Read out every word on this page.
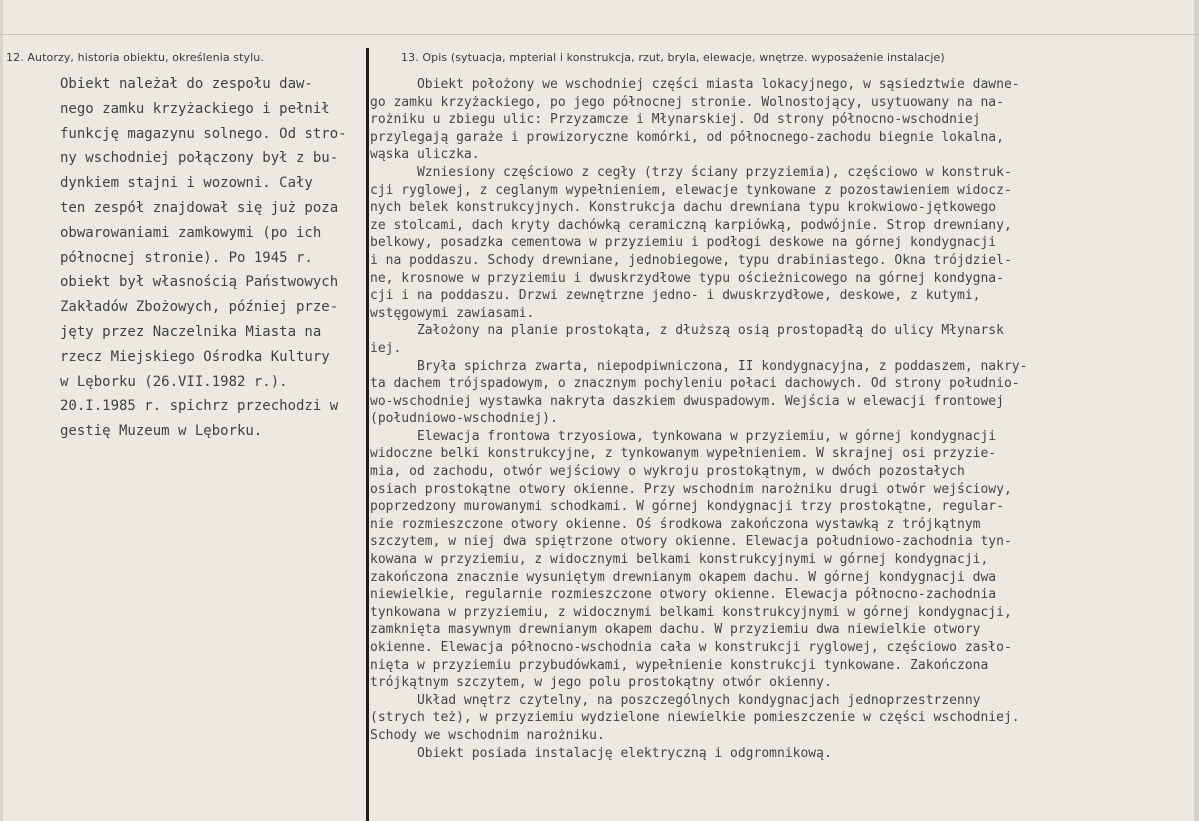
12. Autorzy, historia obiektu, określenia stylu.	13. Opis (sytuacja, mpterial i konstrukcja, rzut, bryla, elewacje, wnętrze. wyposażenie instalacje)
Obiekt należał do zespołu daw-
nego zamku krzyżackiego i pełnił
funkcję magazynu solnego. Od stro-
ny wschodniej połączony był z bu-
dynkiem stajni i wozowni. Cały
ten zespół znajdował się już poza
obwarowaniami zamkowymi (po ich
północnej stronie). Po 1945 r.
obiekt był własnością Państwowych
Zakładów Zbożowych, później prze-
jęty przez Naczelnika Miasta na
rzecz Miejskiego Ośrodka Kultury
w Lęborku (26.VII.1982 r.).
20.I.1985 r. spichrz przechodzi w
gestię Muzeum w Lęborku.
Obiekt położony we wschodniej części miasta lokacyjnego, w sąsiedztwie dawne-
go zamku krzyżackiego, po jego północnej stronie. Wolnostojący, usytuowany na na-
rożniku u zbiegu ulic: Przyzamcze i Młynarskiej. Od strony północno-wschodniej
przylegają garaże i prowizoryczne komórki, od północnego-zachodu biegnie lokalna,
wąska uliczka.
Wzniesiony częściowo z cegły (trzy ściany przyziemia), częściowo w konstruk-
cji ryglowej, z ceglanym wypełnieniem, elewacje tynkowane z pozostawieniem widocz-
nych belek konstrukcyjnych. Konstrukcja dachu drewniana typu krokwiowo-jętkowego
ze stolcami, dach kryty dachówką ceramiczną karpiówką, podwójnie. Strop drewniany,
belkowy, posadzka cementowa w przyziemiu i podłogi deskowe na górnej kondygnacji
i na poddaszu. Schody drewniane, jednobiegowe, typu drabiniastego. Okna trójdziel-
ne, krosnowe w przyziemiu i dwuskrzydłowe typu ościeżnicowego na górnej kondygna-
cji i na poddaszu. Drzwi zewnętrzne jedno- i dwuskrzydłowe, deskowe, z kutymi,
wstęgowymi zawiasami.
Założony na planie prostokąta, z dłuższą osią prostopadłą do ulicy Młynarsk
iej.
Bryła spichrza zwarta, niepodpiwniczona, II kondygnacyjna, z poddaszem, nakry-
ta dachem trójspadowym, o znacznym pochyleniu połaci dachowych. Od strony południo-
wo-wschodniej wystawka nakryta daszkiem dwuspadowym. Wejścia w elewacji frontowej
(południowo-wschodniej).
Elewacja frontowa trzyosiowa, tynkowana w przyziemiu, w górnej kondygnacji
widoczne belki konstrukcyjne, z tynkowanym wypełnieniem. W skrajnej osi przyzie-
mia, od zachodu, otwór wejściowy o wykroju prostokątnym, w dwóch pozostałych
osiach prostokątne otwory okienne. Przy wschodnim narożniku drugi otwór wejściowy,
poprzedzony murowanymi schodkami. W górnej kondygnacji trzy prostokątne, regular-
nie rozmieszczone otwory okienne. Oś środkowa zakończona wystawką z trójkątnym
szczytem, w niej dwa spiętrzone otwory okienne. Elewacja południowo-zachodnia tyn-
kowana w przyziemiu, z widocznymi belkami konstrukcyjnymi w górnej kondygnacji,
zakończona znacznie wysuniętym drewnianym okapem dachu. W górnej kondygnacji dwa
niewielkie, regularnie rozmieszczone otwory okienne. Elewacja północno-zachodnia
tynkowana w przyziemiu, z widocznymi belkami konstrukcyjnymi w górnej kondygnacji,
zamknięta masywnym drewnianym okapem dachu. W przyziemiu dwa niewielkie otwory
okienne. Elewacja północno-wschodnia cała w konstrukcji ryglowej, częściowo zasło-
nięta w przyziemiu przybudówkami, wypełnienie konstrukcji tynkowane. Zakończona
trójkątnym szczytem, w jego polu prostokątny otwór okienny.
Układ wnętrz czytelny, na poszczególnych kondygnacjach jednoprzestrzenny
(strych też), w przyziemiu wydzielone niewielkie pomieszczenie w części wschodniej.
Schody we wschodnim narożniku.
Obiekt posiada instalację elektryczną i odgromnikową.
